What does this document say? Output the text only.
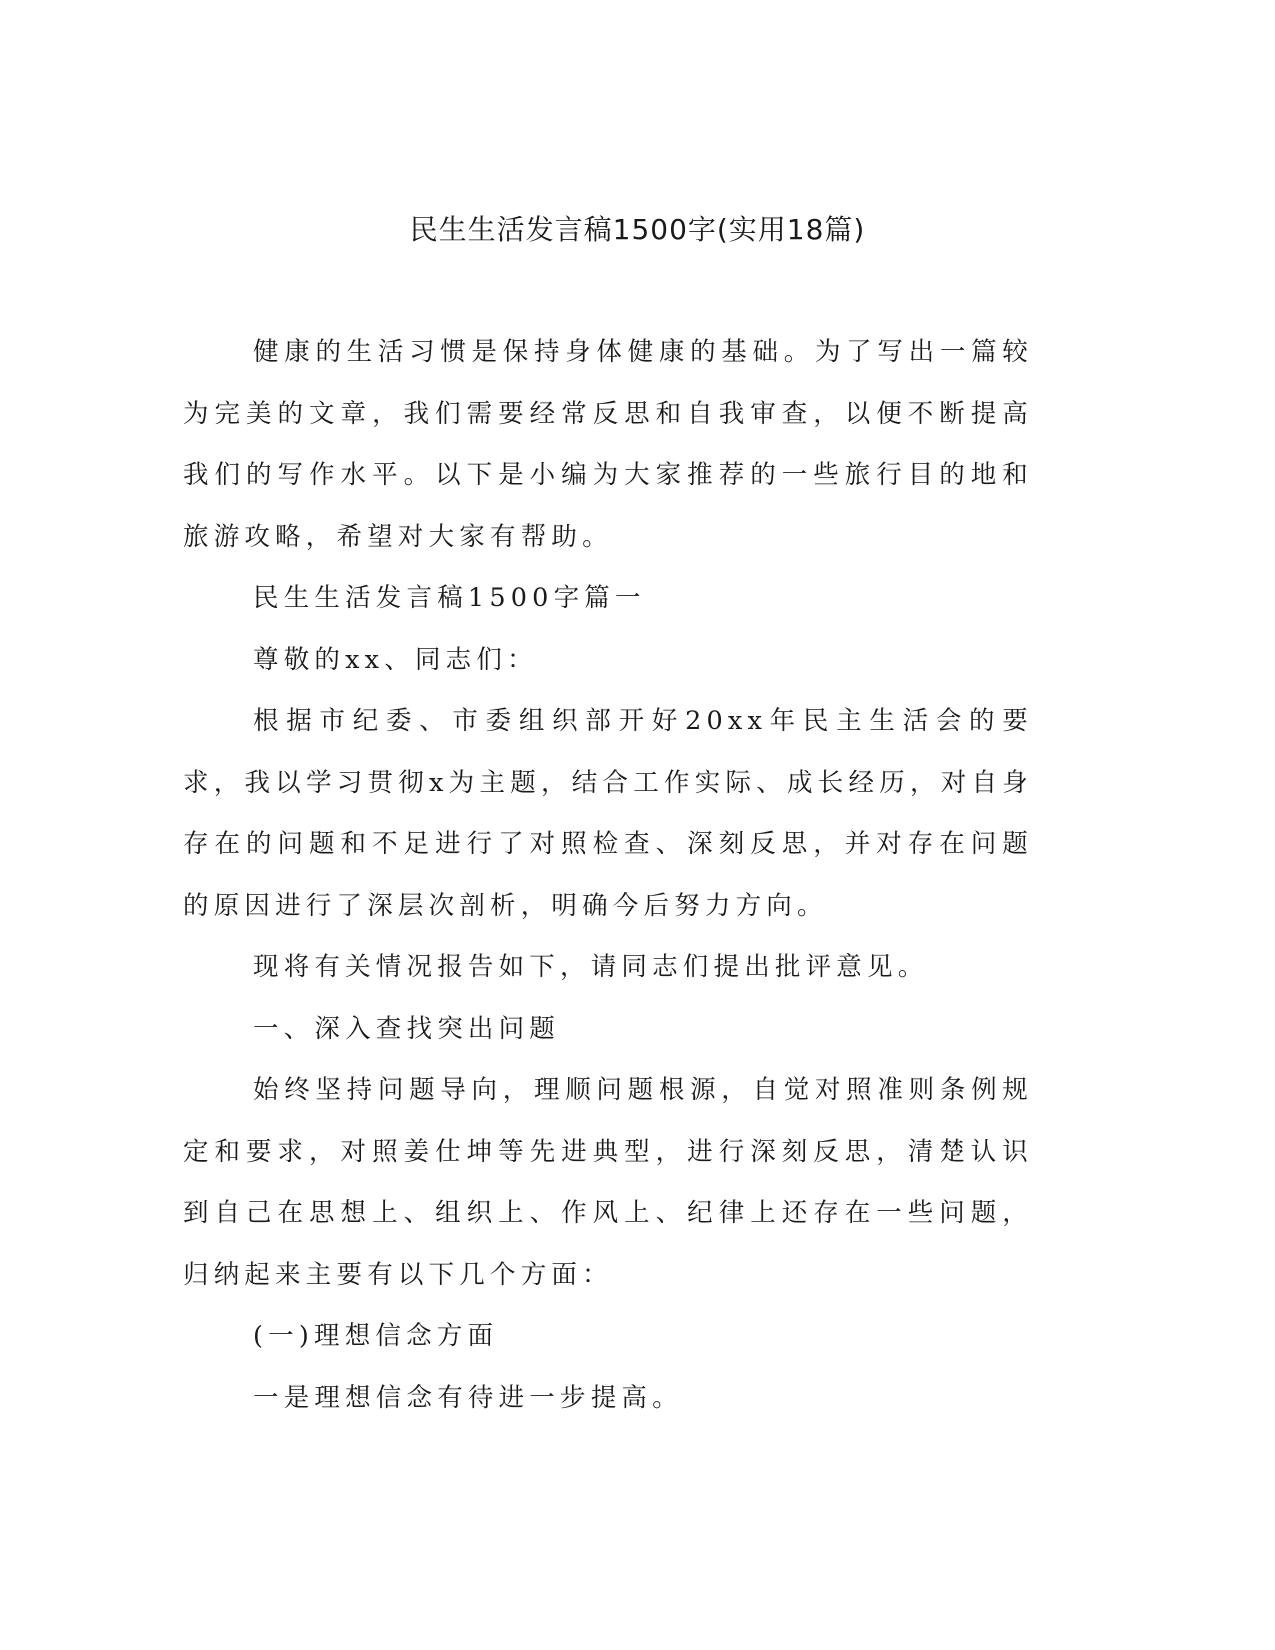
民生生活发言稿1500字(实用18篇)

健康的生活习惯是保持身体健康的基础。为了写出一篇较为完美的文章，我们需要经常反思和自我审查，以便不断提高我们的写作水平。以下是小编为大家推荐的一些旅行目的地和旅游攻略，希望对大家有帮助。

民生生活发言稿1500字篇一

尊敬的xx、同志们：

根据市纪委、市委组织部开好20xx年民主生活会的要求，我以学习贯彻x为主题，结合工作实际、成长经历，对自身存在的问题和不足进行了对照检查、深刻反思，并对存在问题的原因进行了深层次剖析，明确今后努力方向。

现将有关情况报告如下，请同志们提出批评意见。

一、深入查找突出问题

始终坚持问题导向，理顺问题根源，自觉对照准则条例规定和要求，对照姜仕坤等先进典型，进行深刻反思，清楚认识到自己在思想上、组织上、作风上、纪律上还存在一些问题，归纳起来主要有以下几个方面：

(一)理想信念方面

一是理想信念有待进一步提高。
